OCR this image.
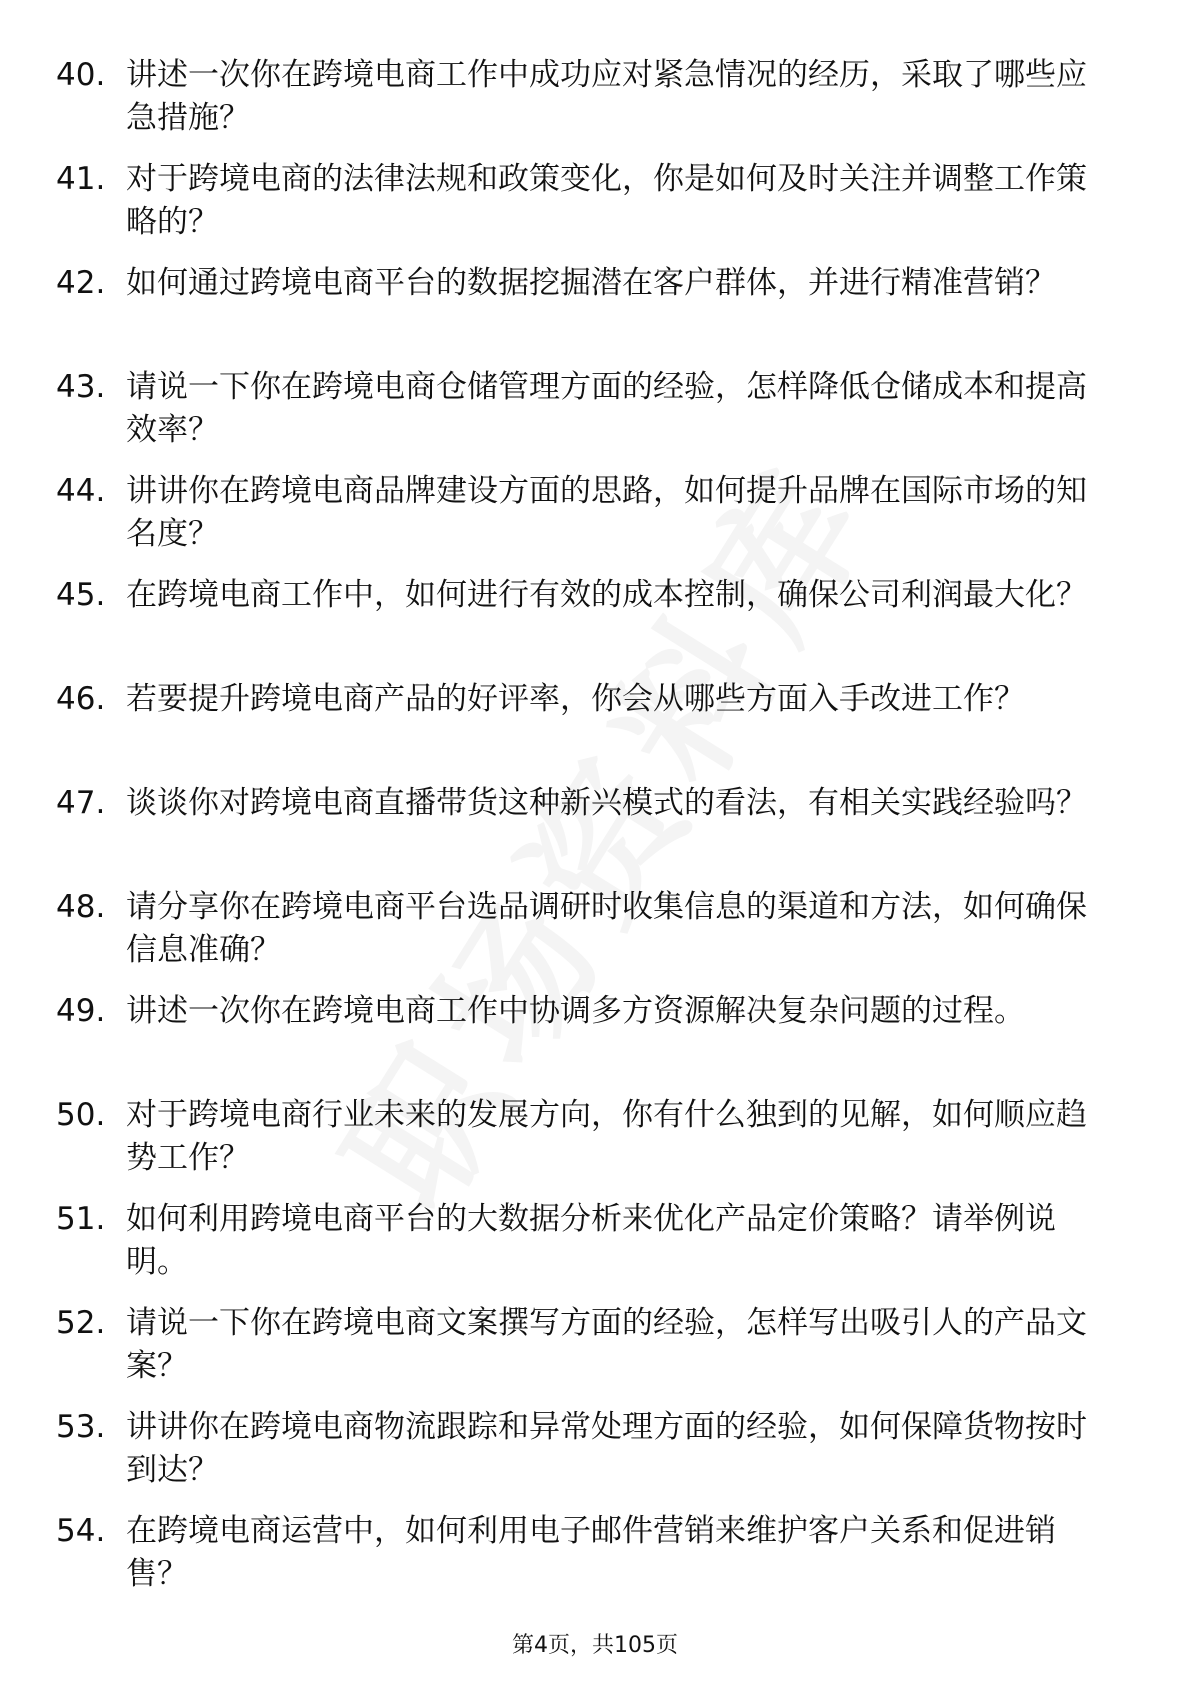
40. 讲述一次你在跨境电商工作中成功应对紧急情况的经历，采取了哪些应急措施？
41. 对于跨境电商的法律法规和政策变化，你是如何及时关注并调整工作策略的？
42. 如何通过跨境电商平台的数据挖掘潜在客户群体，并进行精准营销？
43. 请说一下你在跨境电商仓储管理方面的经验，怎样降低仓储成本和提高效率？
44. 讲讲你在跨境电商品牌建设方面的思路，如何提升品牌在国际市场的知名度？
45. 在跨境电商工作中，如何进行有效的成本控制，确保公司利润最大化？
46. 若要提升跨境电商产品的好评率，你会从哪些方面入手改进工作？
47. 谈谈你对跨境电商直播带货这种新兴模式的看法，有相关实践经验吗？
48. 请分享你在跨境电商平台选品调研时收集信息的渠道和方法，如何确保信息准确？
49. 讲述一次你在跨境电商工作中协调多方资源解决复杂问题的过程。
50. 对于跨境电商行业未来的发展方向，你有什么独到的见解，如何顺应趋势工作？
51. 如何利用跨境电商平台的大数据分析来优化产品定价策略？请举例说明。
52. 请说一下你在跨境电商文案撰写方面的经验，怎样写出吸引人的产品文案？
53. 讲讲你在跨境电商物流跟踪和异常处理方面的经验，如何保障货物按时到达？
54. 在跨境电商运营中，如何利用电子邮件营销来维护客户关系和促进销售？
第4页，共105页
